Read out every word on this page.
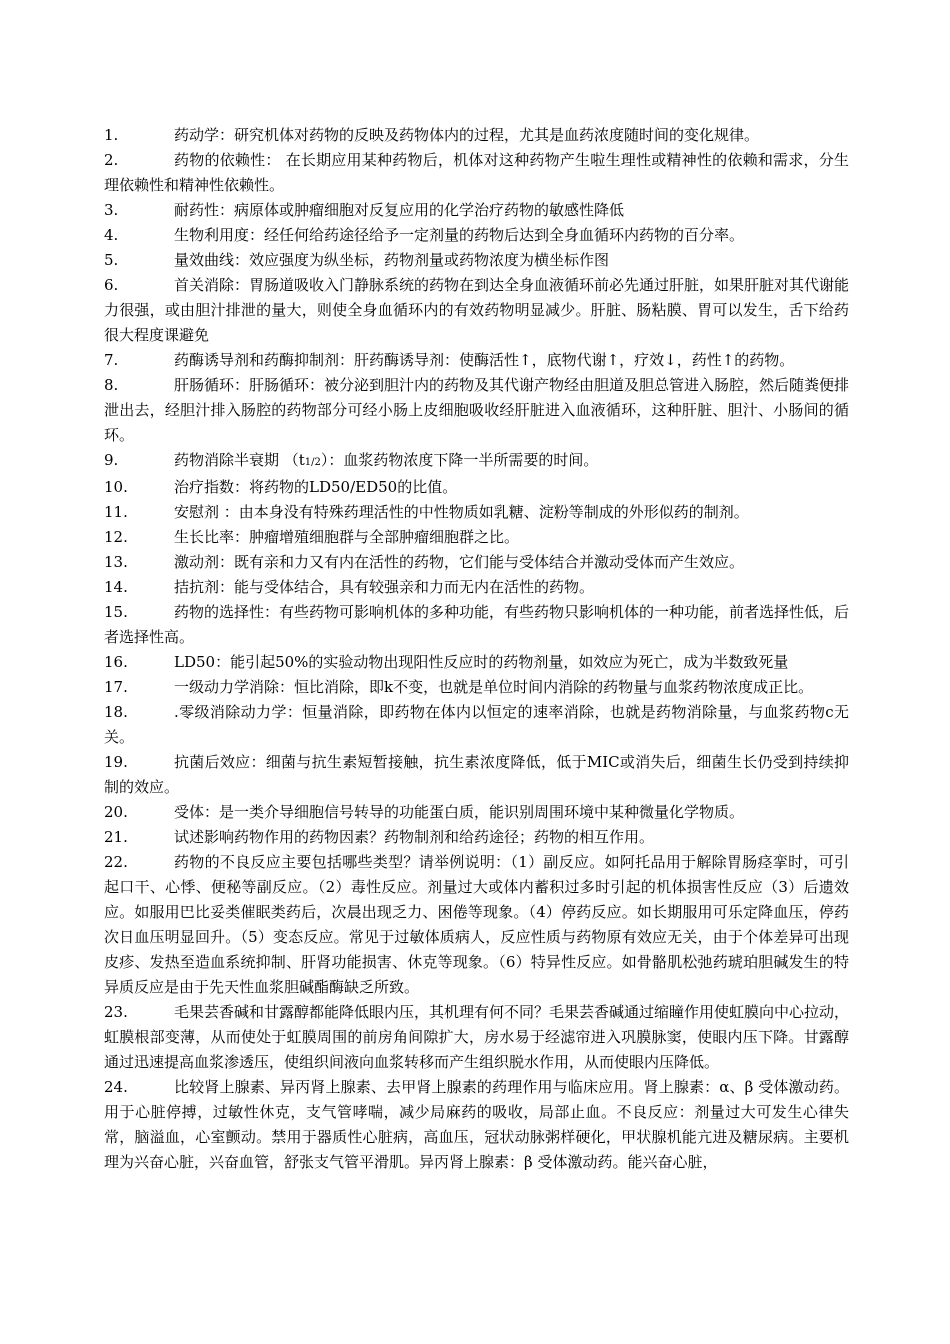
1.	药动学：研究机体对药物的反映及药物体内的过程，尤其是血药浓度随时间的变化规律。

2.	药物的依赖性： 在长期应用某种药物后，机体对这种药物产生啦生理性或精神性的依赖和需求，分生理依赖性和精神性依赖性。

3.	耐药性：病原体或肿瘤细胞对反复应用的化学治疗药物的敏感性降低

4.	生物利用度：经任何给药途径给予一定剂量的药物后达到全身血循环内药物的百分率。

5.	量效曲线：效应强度为纵坐标，药物剂量或药物浓度为横坐标作图

6.	首关消除：胃肠道吸收入门静脉系统的药物在到达全身血液循环前必先通过肝脏，如果肝脏对其代谢能力很强，或由胆汁排泄的量大，则使全身血循环内的有效药物明显减少。肝脏、肠粘膜、胃可以发生，舌下给药很大程度课避免

7.	药酶诱导剂和药酶抑制剂：肝药酶诱导剂：使酶活性↑，底物代谢↑，疗效↓，药性↑的药物。

8.	肝肠循环：肝肠循环：被分泌到胆汁内的药物及其代谢产物经由胆道及胆总管进入肠腔，然后随粪便排泄出去，经胆汁排入肠腔的药物部分可经小肠上皮细胞吸收经肝脏进入血液循环，这种肝脏、胆汁、小肠间的循环。

9.	药物消除半衰期 （t1/2）：血浆药物浓度下降一半所需要的时间。

10.	治疗指数：将药物的LD50/ED50的比值。

11.	安慰剂 ：由本身没有特殊药理活性的中性物质如乳糖、淀粉等制成的外形似药的制剂。

12.	生长比率：肿瘤增殖细胞群与全部肿瘤细胞群之比。

13.	激动剂：既有亲和力又有内在活性的药物，它们能与受体结合并激动受体而产生效应。

14.	拮抗剂：能与受体结合，具有较强亲和力而无内在活性的药物。

15.	药物的选择性：有些药物可影响机体的多种功能，有些药物只影响机体的一种功能，前者选择性低，后者选择性高。

16.	LD50：能引起50%的实验动物出现阳性反应时的药物剂量，如效应为死亡，成为半数致死量

17.	一级动力学消除：恒比消除，即k不变，也就是单位时间内消除的药物量与血浆药物浓度成正比。

18.	.零级消除动力学：恒量消除，即药物在体内以恒定的速率消除，也就是药物消除量，与血浆药物c无关。

19.	抗菌后效应：细菌与抗生素短暂接触，抗生素浓度降低，低于MIC或消失后，细菌生长仍受到持续抑制的效应。

20.	受体：是一类介导细胞信号转导的功能蛋白质，能识别周围环境中某种微量化学物质。

21.	试述影响药物作用的药物因素？药物制剂和给药途径；药物的相互作用。

22.	药物的不良反应主要包括哪些类型？请举例说明：（1）副反应。如阿托品用于解除胃肠痉挛时，可引起口干、心悸、便秘等副反应。（2）毒性反应。剂量过大或体内蓄积过多时引起的机体损害性反应（3）后遗效应。如服用巴比妥类催眠类药后，次晨出现乏力、困倦等现象。（4）停药反应。如长期服用可乐定降血压，停药次日血压明显回升。（5）变态反应。常见于过敏体质病人，反应性质与药物原有效应无关，由于个体差异可出现皮疹、发热至造血系统抑制、肝肾功能损害、休克等现象。（6）特异性反应。如骨骼肌松弛药琥珀胆碱发生的特异质反应是由于先天性血浆胆碱酯酶缺乏所致。

23.	毛果芸香碱和甘露醇都能降低眼内压，其机理有何不同？毛果芸香碱通过缩瞳作用使虹膜向中心拉动，虹膜根部变薄，从而使处于虹膜周围的前房角间隙扩大，房水易于经滤帘进入巩膜脉窦，使眼内压下降。甘露醇通过迅速提高血浆渗透压，使组织间液向血浆转移而产生组织脱水作用，从而使眼内压降低。

24.	比较肾上腺素、异丙肾上腺素、去甲肾上腺素的药理作用与临床应用。肾上腺素：α、β 受体激动药。用于心脏停搏，过敏性休克，支气管哮喘，减少局麻药的吸收，局部止血。不良反应：剂量过大可发生心律失常，脑溢血，心室颤动。禁用于器质性心脏病，高血压，冠状动脉粥样硬化，甲状腺机能亢进及糖尿病。主要机理为兴奋心脏，兴奋血管，舒张支气管平滑肌。异丙肾上腺素：β 受体激动药。能兴奋心脏，
